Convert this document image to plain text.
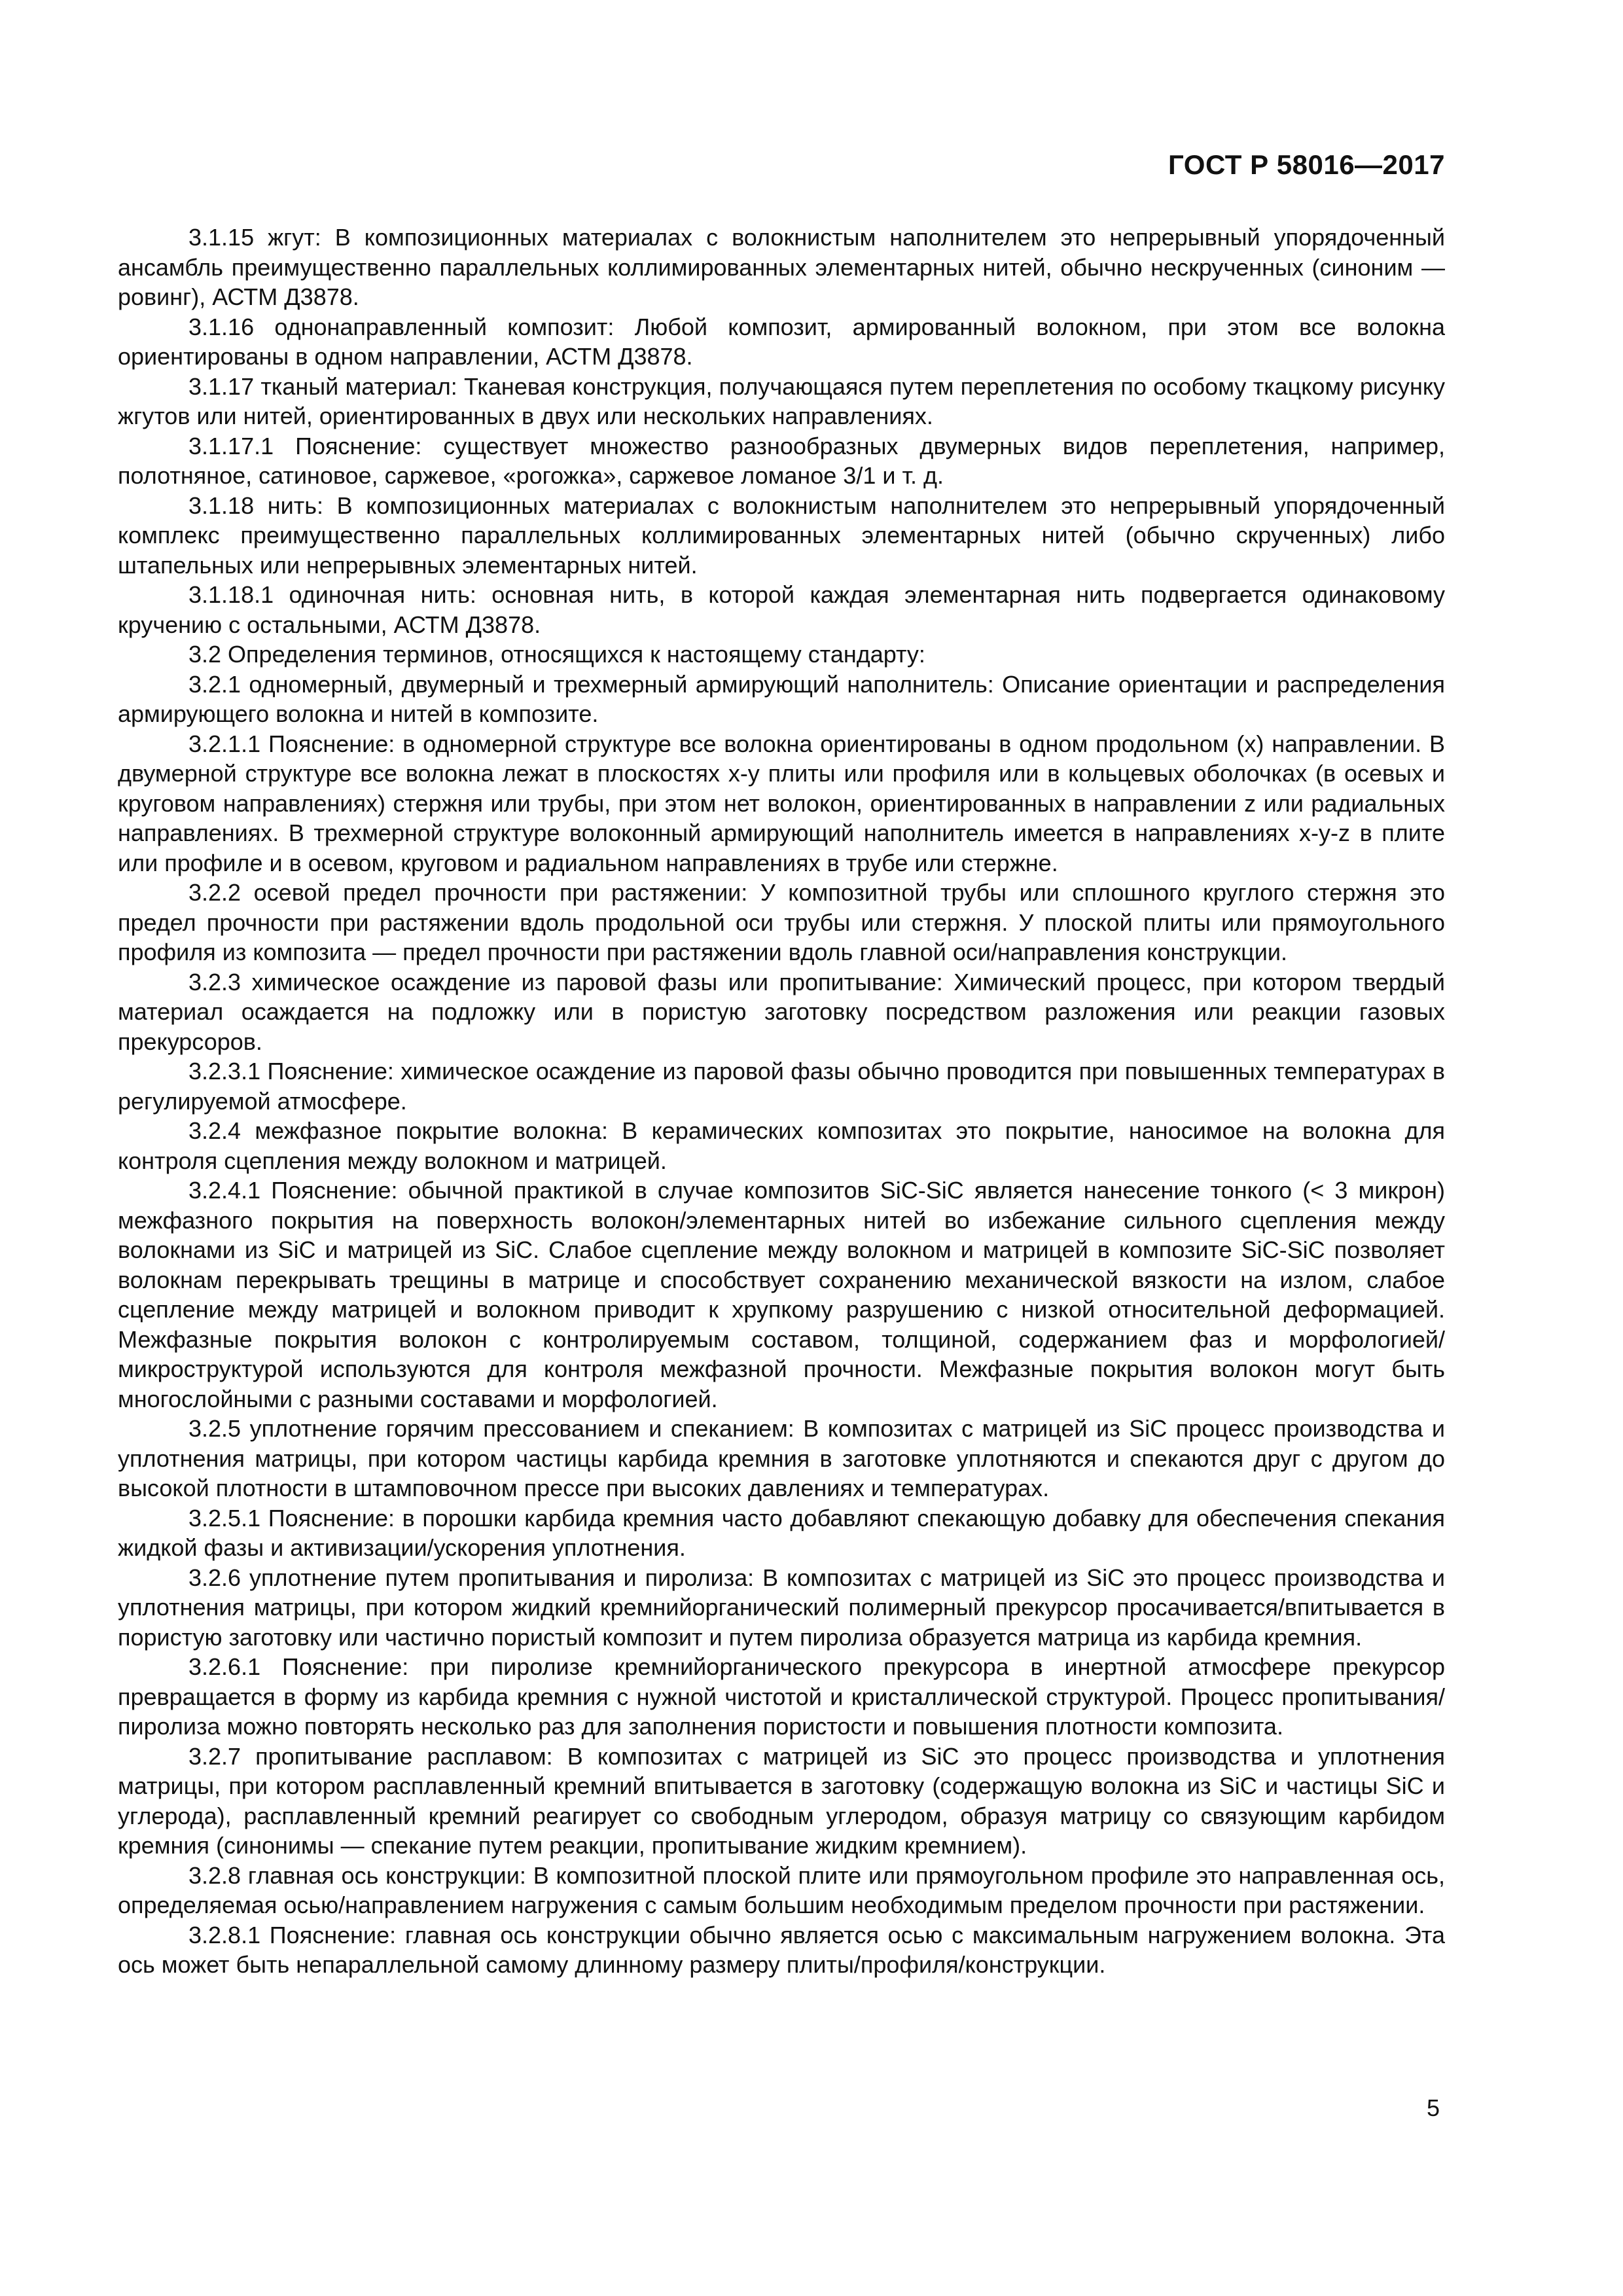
ГОСТ Р 58016—2017

3.1.15 жгут: В композиционных материалах с волокнистым наполнителем это непрерывный упорядоченный ансамбль преимущественно параллельных коллимированных элементарных нитей, обычно нескрученных (синоним — ровинг), АСТМ Д3878.

3.1.16 однонаправленный композит: Любой композит, армированный волокном, при этом все волокна ориентированы в одном направлении, АСТМ Д3878.

3.1.17 тканый материал: Тканевая конструкция, получающаяся путем переплетения по особому ткацкому рисунку жгутов или нитей, ориентированных в двух или нескольких направлениях.

3.1.17.1 Пояснение: существует множество разнообразных двумерных видов переплетения, например, полотняное, сатиновое, саржевое, «рогожка», саржевое ломаное 3/1 и т. д.

3.1.18 нить: В композиционных материалах с волокнистым наполнителем это непрерывный упорядоченный комплекс преимущественно параллельных коллимированных элементарных нитей (обычно скрученных) либо штапельных или непрерывных элементарных нитей.

3.1.18.1 одиночная нить: основная нить, в которой каждая элементарная нить подвергается одинаковому кручению с остальными, АСТМ Д3878.

3.2 Определения терминов, относящихся к настоящему стандарту:

3.2.1 одномерный, двумерный и трехмерный армирующий наполнитель: Описание ориентации и распределения армирующего волокна и нитей в композите.

3.2.1.1 Пояснение: в одномерной структуре все волокна ориентированы в одном продольном (x) направлении. В двумерной структуре все волокна лежат в плоскостях x-y плиты или профиля или в кольцевых оболочках (в осевых и круговом направлениях) стержня или трубы, при этом нет волокон, ориентированных в направлении z или радиальных направлениях. В трехмерной структуре волоконный армирующий наполнитель имеется в направлениях x-y-z в плите или профиле и в осевом, круговом и радиальном направлениях в трубе или стержне.

3.2.2 осевой предел прочности при растяжении: У композитной трубы или сплошного круглого стержня это предел прочности при растяжении вдоль продольной оси трубы или стержня. У плоской плиты или прямоугольного профиля из композита — предел прочности при растяжении вдоль главной оси/направления конструкции.

3.2.3 химическое осаждение из паровой фазы или пропитывание: Химический процесс, при котором твердый материал осаждается на подложку или в пористую заготовку посредством разложения или реакции газовых прекурсоров.

3.2.3.1 Пояснение: химическое осаждение из паровой фазы обычно проводится при повышенных температурах в регулируемой атмосфере.

3.2.4 межфазное покрытие волокна: В керамических композитах это покрытие, наносимое на волокна для контроля сцепления между волокном и матрицей.

3.2.4.1 Пояснение: обычной практикой в случае композитов SiC-SiC является нанесение тонкого (< 3 микрон) межфазного покрытия на поверхность волокон/элементарных нитей во избежание сильного сцепления между волокнами из SiC и матрицей из SiC. Слабое сцепление между волокном и матрицей в композите SiC-SiC позволяет волокнам перекрывать трещины в матрице и способствует сохранению механической вязкости на излом, слабое сцепление между матрицей и волокном приводит к хрупкому разрушению с низкой относительной деформацией. Межфазные покрытия волокон с контролируемым составом, толщиной, содержанием фаз и морфологией/микроструктурой используются для контроля межфазной прочности. Межфазные покрытия волокон могут быть многослойными с разными составами и морфологией.

3.2.5 уплотнение горячим прессованием и спеканием: В композитах с матрицей из SiC процесс производства и уплотнения матрицы, при котором частицы карбида кремния в заготовке уплотняются и спекаются друг с другом до высокой плотности в штамповочном прессе при высоких давлениях и температурах.

3.2.5.1 Пояснение: в порошки карбида кремния часто добавляют спекающую добавку для обеспечения спекания жидкой фазы и активизации/ускорения уплотнения.

3.2.6 уплотнение путем пропитывания и пиролиза: В композитах с матрицей из SiC это процесс производства и уплотнения матрицы, при котором жидкий кремнийорганический полимерный прекурсор просачивается/впитывается в пористую заготовку или частично пористый композит и путем пиролиза образуется матрица из карбида кремния.

3.2.6.1 Пояснение: при пиролизе кремнийорганического прекурсора в инертной атмосфере прекурсор превращается в форму из карбида кремния с нужной чистотой и кристаллической структурой. Процесс пропитывания/пиролиза можно повторять несколько раз для заполнения пористости и повышения плотности композита.

3.2.7 пропитывание расплавом: В композитах с матрицей из SiC это процесс производства и уплотнения матрицы, при котором расплавленный кремний впитывается в заготовку (содержащую волокна из SiC и частицы SiC и углерода), расплавленный кремний реагирует со свободным углеродом, образуя матрицу со связующим карбидом кремния (синонимы — спекание путем реакции, пропитывание жидким кремнием).

3.2.8 главная ось конструкции: В композитной плоской плите или прямоугольном профиле это направленная ось, определяемая осью/направлением нагружения с самым большим необходимым пределом прочности при растяжении.

3.2.8.1 Пояснение: главная ось конструкции обычно является осью с максимальным нагружением волокна. Эта ось может быть непараллельной самому длинному размеру плиты/профиля/конструкции.

5
